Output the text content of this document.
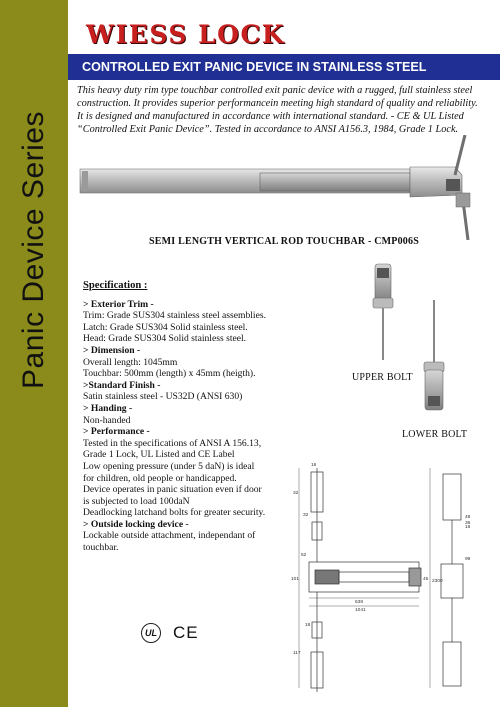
Panic Device Series
WIESS LOCK
CONTROLLED EXIT PANIC DEVICE IN STAINLESS STEEL
This heavy duty rim type touchbar controlled exit panic device with a rugged, full stainless steel
construction. It provides superior performancein meeting high standard of quality and reliability.
It is designed and manufactured in accordance with international standard. - CE & UL Listed
“Controlled Exit Panic Device”. Tested in accordance to ANSI A156.3, 1984, Grade 1 Lock.
SEMI LENGTH VERTICAL ROD TOUCHBAR - CMP006S
Specification :
> Exterior Trim -
Trim: Grade SUS304 stainless steel assemblies.
Latch: Grade SUS304 Solid stainless steel.
Head: Grade SUS304 Solid stainless steel.
> Dimension -
Overall length: 1045mm
Touchbar: 500mm (length) x 45mm (heigth).
>Standard Finish -
Satin stainless steel - US32D (ANSI 630)
> Handing -
Non-handed
> Performance -
Tested in the specifications of ANSI A 156.13,
Grade 1 Lock, UL Listed and CE Label
Low opening pressure (under 5 daN) is ideal
for children, old people or handicapped.
Device operates in panic situation even if door
is subjected to load 100daN
Deadlocking latchand bolts for greater security.
> Outside locking device -
Lockable outside attachment, independant of
touchbar.
UPPER BOLT
LOWER BOLT
16
32
32
52
101	45
638
1041
2300
48
36
16
99
18
117
UL CE
